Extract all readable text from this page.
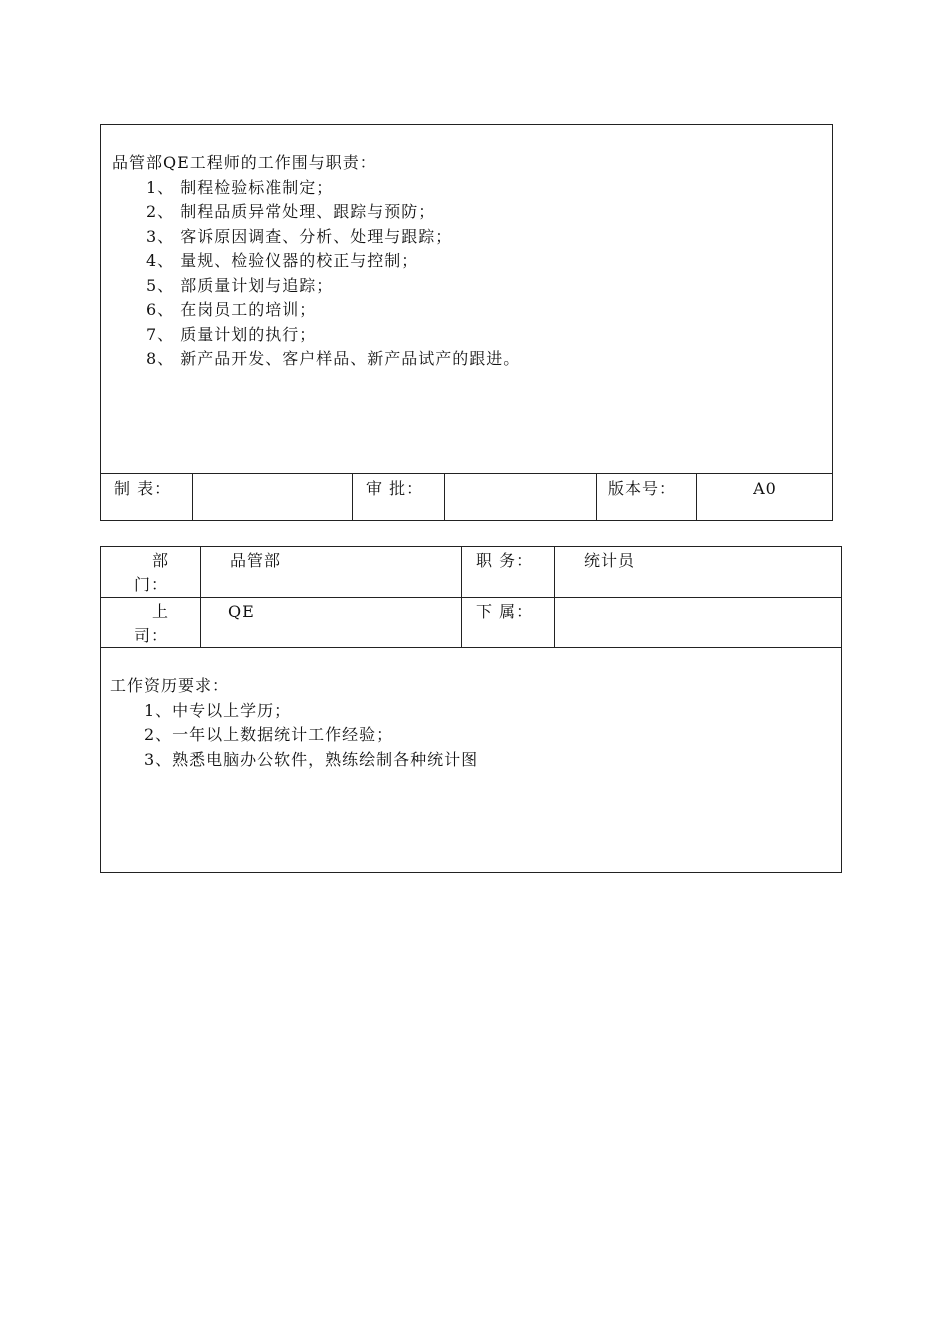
品管部QE工程师的工作围与职责：
1、 制程检验标准制定；
2、 制程品质异常处理、跟踪与预防；
3、 客诉原因调查、分析、处理与跟踪；
4、 量规、检验仪器的校正与控制；
5、 部质量计划与追踪；
6、 在岗员工的培训；
7、 质量计划的执行；
8、 新产品开发、客户样品、新产品试产的跟进。
制 表：	审 批：	版本号：	A0
部
门：
品管部	职 务：	统计员
上
司：
QE	下 属：
工作资历要求：
1、中专以上学历；
2、一年以上数据统计工作经验；
3、熟悉电脑办公软件，熟练绘制各种统计图
